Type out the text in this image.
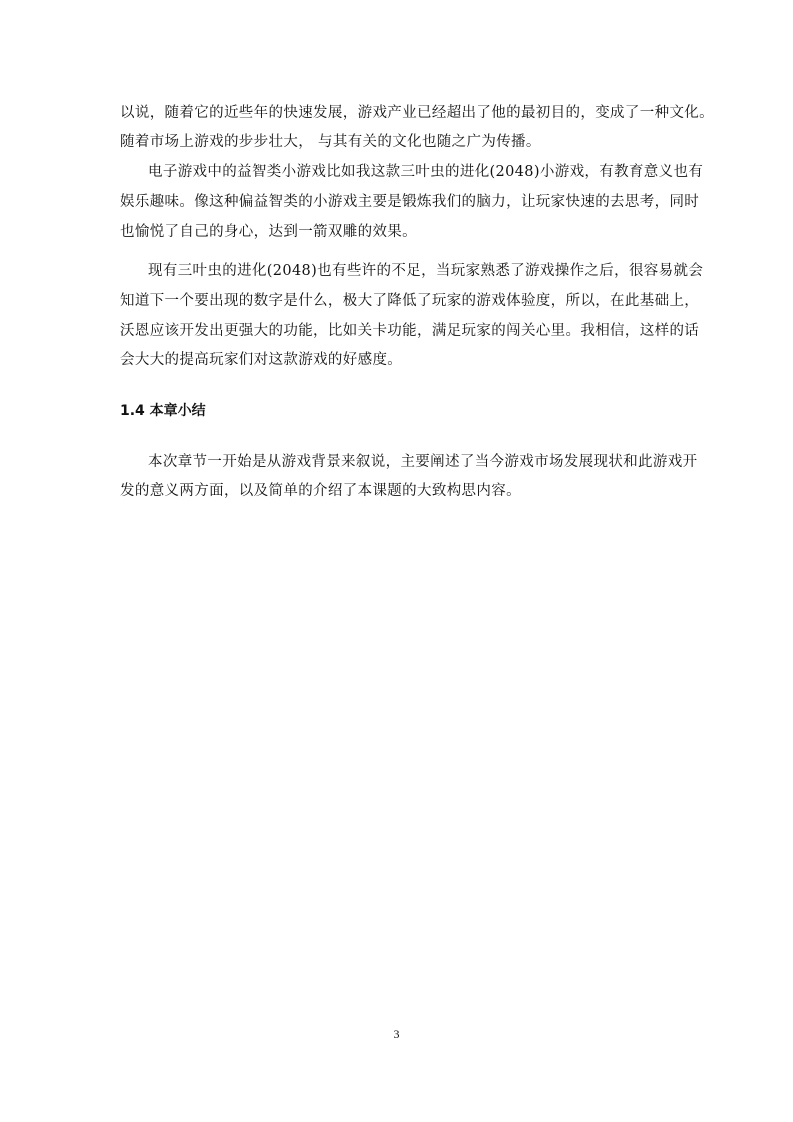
以说，随着它的近些年的快速发展，游戏产业已经超出了他的最初目的，变成了一种文化。
随着市场上游戏的步步壮大， 与其有关的文化也随之广为传播。
电子游戏中的益智类小游戏比如我这款三叶虫的进化(2048)小游戏，有教育意义也有
娱乐趣味。像这种偏益智类的小游戏主要是锻炼我们的脑力，让玩家快速的去思考，同时
也愉悦了自己的身心，达到一箭双雕的效果。
现有三叶虫的进化(2048)也有些许的不足，当玩家熟悉了游戏操作之后，很容易就会
知道下一个要出现的数字是什么，极大了降低了玩家的游戏体验度，所以，在此基础上，
沃恩应该开发出更强大的功能，比如关卡功能，满足玩家的闯关心里。我相信，这样的话
会大大的提高玩家们对这款游戏的好感度。
1.4 本章小结
本次章节一开始是从游戏背景来叙说，主要阐述了当今游戏市场发展现状和此游戏开
发的意义两方面，以及简单的介绍了本课题的大致构思内容。
3
